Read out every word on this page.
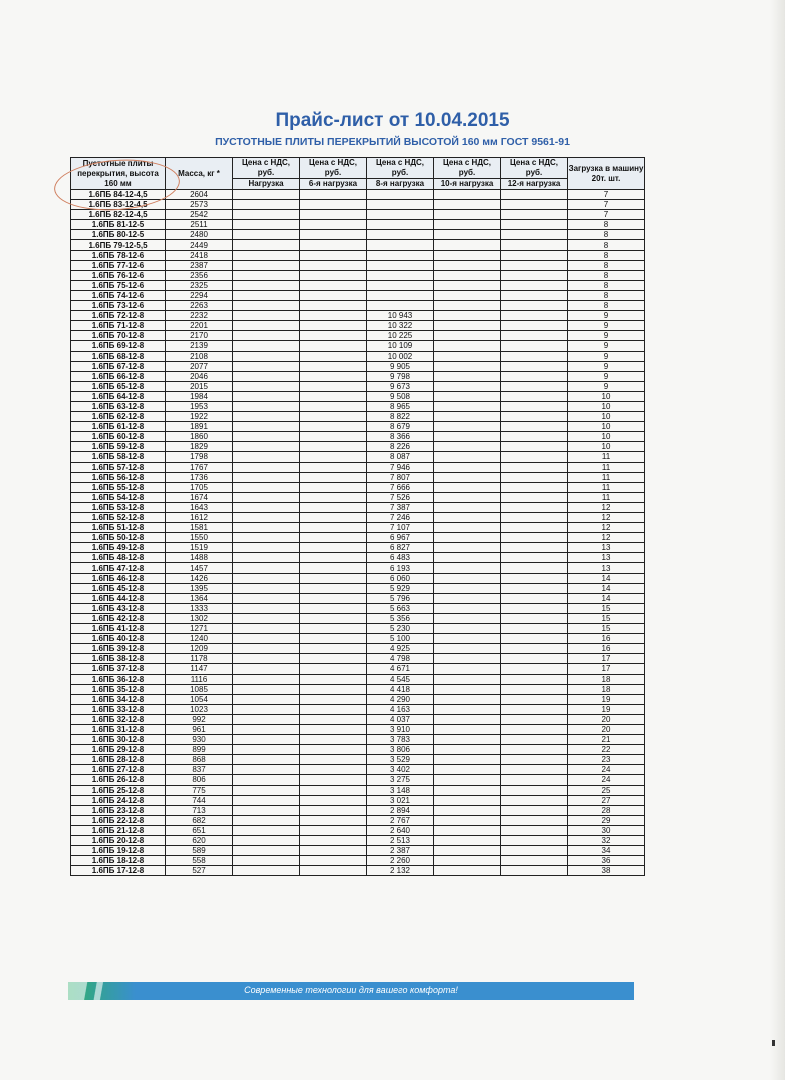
Прайс-лист от 10.04.2015
ПУСТОТНЫЕ ПЛИТЫ ПЕРЕКРЫТИЙ ВЫСОТОЙ 160 мм ГОСТ 9561-91
Пустотные плиты перекрытия, высота 160 мм	Масса, кг *	Цена с НДС, руб.	Цена с НДС, руб.	Цена с НДС, руб.	Цена с НДС, руб.	Цена с НДС, руб.	Загрузка в машину 20т. шт.
		Нагрузка	6-я нагрузка	8-я нагрузка	10-я нагрузка	12-я нагрузка	
1.6ПБ 84-12-4,5	2604						7
1.6ПБ 83-12-4,5	2573						7
1.6ПБ 82-12-4,5	2542						7
1.6ПБ 81-12-5	2511						8
1.6ПБ 80-12-5	2480						8
1.6ПБ 79-12-5,5	2449						8
1.6ПБ 78-12-6	2418						8
1.6ПБ 77-12-6	2387						8
1.6ПБ 76-12-6	2356						8
1.6ПБ 75-12-6	2325						8
1.6ПБ 74-12-6	2294						8
1.6ПБ 73-12-6	2263						8
1.6ПБ 72-12-8	2232			10 943			9
1.6ПБ 71-12-8	2201			10 322			9
1.6ПБ 70-12-8	2170			10 225			9
1.6ПБ 69-12-8	2139			10 109			9
1.6ПБ 68-12-8	2108			10 002			9
1.6ПБ 67-12-8	2077			9 905			9
1.6ПБ 66-12-8	2046			9 798			9
1.6ПБ 65-12-8	2015			9 673			9
1.6ПБ 64-12-8	1984			9 508			10
1.6ПБ 63-12-8	1953			8 965			10
1.6ПБ 62-12-8	1922			8 822			10
1.6ПБ 61-12-8	1891			8 679			10
1.6ПБ 60-12-8	1860			8 366			10
1.6ПБ 59-12-8	1829			8 226			10
1.6ПБ 58-12-8	1798			8 087			11
1.6ПБ 57-12-8	1767			7 946			11
1.6ПБ 56-12-8	1736			7 807			11
1.6ПБ 55-12-8	1705			7 666			11
1.6ПБ 54-12-8	1674			7 526			11
1.6ПБ 53-12-8	1643			7 387			12
1.6ПБ 52-12-8	1612			7 246			12
1.6ПБ 51-12-8	1581			7 107			12
1.6ПБ 50-12-8	1550			6 967			12
1.6ПБ 49-12-8	1519			6 827			13
1.6ПБ 48-12-8	1488			6 483			13
1.6ПБ 47-12-8	1457			6 193			13
1.6ПБ 46-12-8	1426			6 060			14
1.6ПБ 45-12-8	1395			5 929			14
1.6ПБ 44-12-8	1364			5 796			14
1.6ПБ 43-12-8	1333			5 663			15
1.6ПБ 42-12-8	1302			5 356			15
1.6ПБ 41-12-8	1271			5 230			15
1.6ПБ 40-12-8	1240			5 100			16
1.6ПБ 39-12-8	1209			4 925			16
1.6ПБ 38-12-8	1178			4 798			17
1.6ПБ 37-12-8	1147			4 671			17
1.6ПБ 36-12-8	1116			4 545			18
1.6ПБ 35-12-8	1085			4 418			18
1.6ПБ 34-12-8	1054			4 290			19
1.6ПБ 33-12-8	1023			4 163			19
1.6ПБ 32-12-8	992			4 037			20
1.6ПБ 31-12-8	961			3 910			20
1.6ПБ 30-12-8	930			3 783			21
1.6ПБ 29-12-8	899			3 806			22
1.6ПБ 28-12-8	868			3 529			23
1.6ПБ 27-12-8	837			3 402			24
1.6ПБ 26-12-8	806			3 275			24
1.6ПБ 25-12-8	775			3 148			25
1.6ПБ 24-12-8	744			3 021			27
1.6ПБ 23-12-8	713			2 894			28
1.6ПБ 22-12-8	682			2 767			29
1.6ПБ 21-12-8	651			2 640			30
1.6ПБ 20-12-8	620			2 513			32
1.6ПБ 19-12-8	589			2 387			34
1.6ПБ 18-12-8	558			2 260			36
1.6ПБ 17-12-8	527			2 132			38
Современные технологии для вашего комфорта!
